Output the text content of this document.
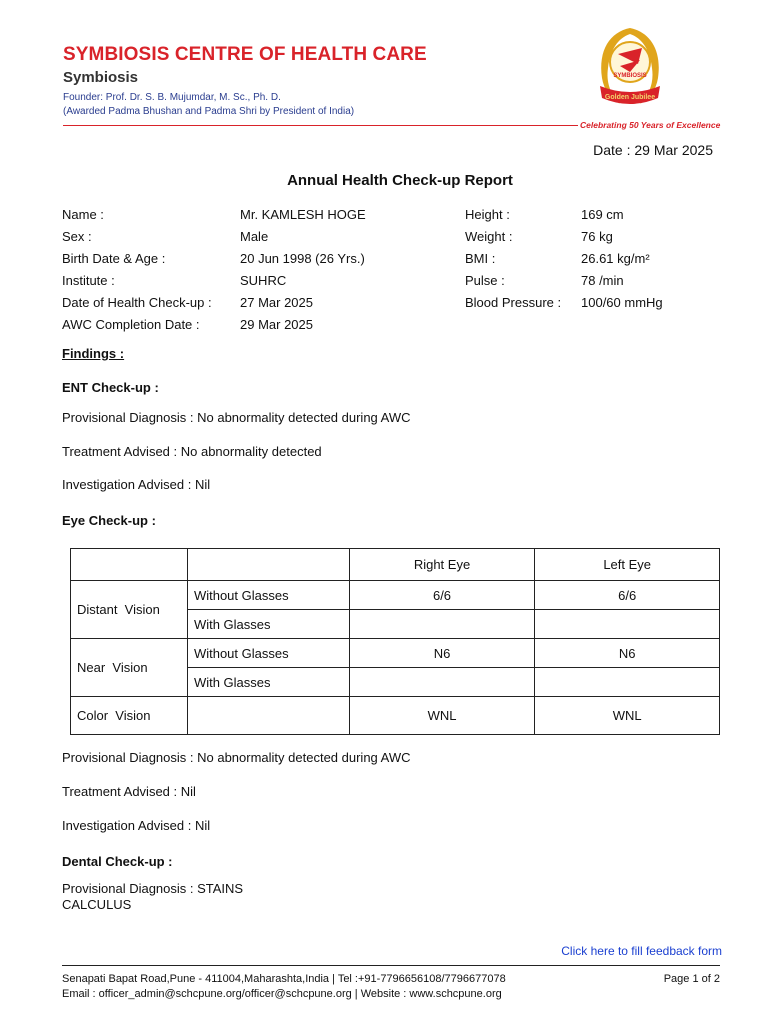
SYMBIOSIS CENTRE OF HEALTH CARE
Symbiosis
Founder: Prof. Dr. S. B. Mujumdar, M. Sc., Ph. D.
(Awarded Padma Bhushan and Padma Shri by President of India)
SYMBIOSIS
Golden Jubilee
Celebrating 50 Years of Excellence
Date : 29 Mar 2025
Annual Health Check-up Report
Name :	Mr. KAMLESH HOGE
Sex :	Male
Birth Date & Age :	20 Jun 1998 (26 Yrs.)
Institute :	SUHRC
Date of Health Check-up : 27 Mar 2025
AWC Completion Date :	29 Mar 2025
Height :	169 cm
Weight :	76 kg
BMI :	26.61 kg/m²
Pulse :	78 /min
Blood Pressure : 100/60 mmHg
Findings :
ENT Check-up :
Provisional Diagnosis : No abnormality detected during AWC
Treatment Advised : No abnormality detected
Investigation Advised : Nil
Eye Check-up :
		Right Eye	Left Eye
Distant  Vision	Without Glasses	6/6	6/6
	With Glasses		
Near  Vision	Without Glasses	N6	N6
	With Glasses		
Color  Vision		WNL	WNL
Provisional Diagnosis : No abnormality detected during AWC
Treatment Advised : Nil
Investigation Advised : Nil
Dental Check-up :
Provisional Diagnosis : STAINS
CALCULUS
Click here to fill feedback form
Senapati Bapat Road,Pune - 411004,Maharashta,India | Tel :+91-7796656108/7796677078
Email : officer_admin@schcpune.org/officer@schcpune.org | Website : www.schcpune.org
Page 1 of 2
